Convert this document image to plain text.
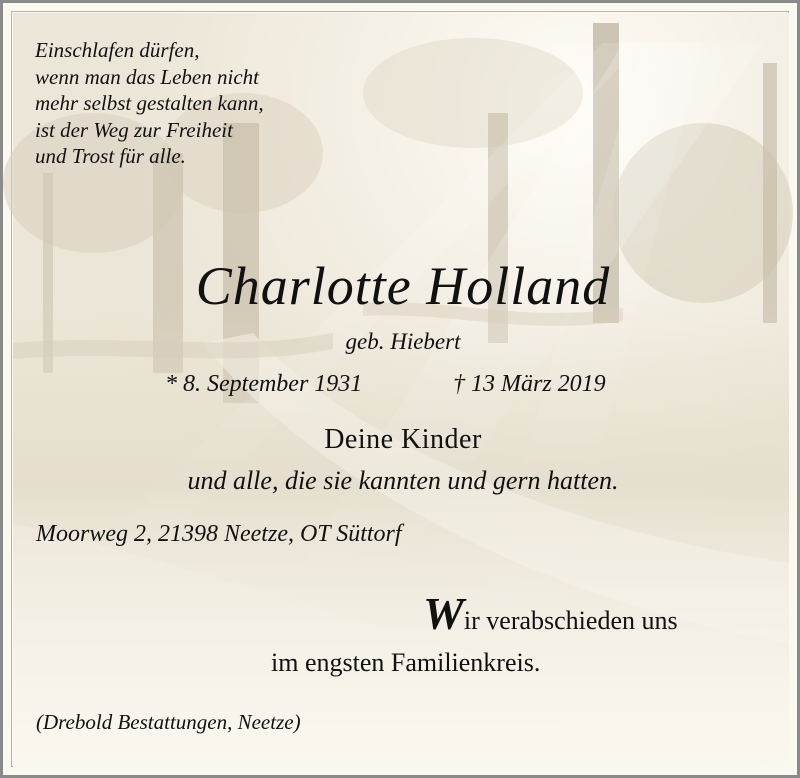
Einschlafen dürfen,
wenn man das Leben nicht
mehr selbst gestalten kann,
ist der Weg zur Freiheit
und Trost für alle.
Charlotte Holland
geb. Hiebert
* 8. September 1931	† 13 März 2019
Deine Kinder
und alle, die sie kannten und gern hatten.
Moorweg 2, 21398 Neetze, OT Süttorf
Wir verabschieden uns
im engsten Familienkreis.
(Drebold Bestattungen, Neetze)
